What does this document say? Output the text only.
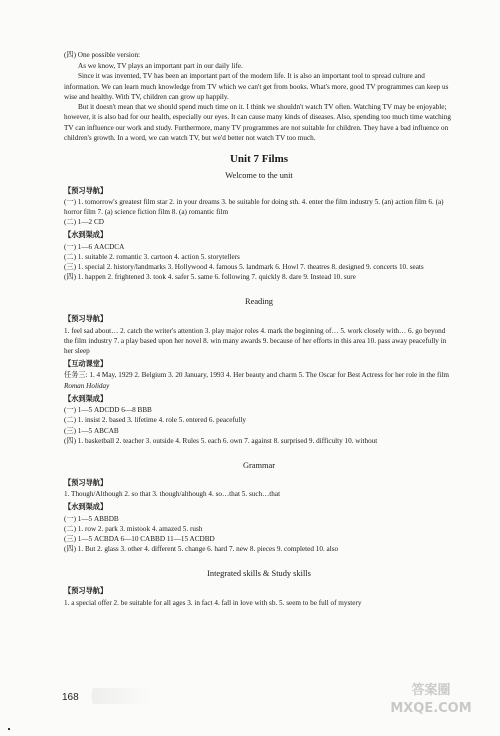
(四) One possible version:

As we know, TV plays an important part in our daily life.

Since it was invented, TV has been an important part of the modern life. It is also an important tool to spread culture and information. We can learn much knowledge from TV which we can't get from books. What's more, good TV programmes can keep us wise and healthy. With TV, children can grow up happily.

But it doesn't mean that we should spend much time on it. I think we shouldn't watch TV often. Watching TV may be enjoyable; however, it is also bad for our health, especially our eyes. It can cause many kinds of diseases. Also, spending too much time watching TV can influence our work and study. Furthermore, many TV programmes are not suitable for children. They have a bad influence on children's growth. In a word, we can watch TV, but we'd better not watch TV too much.

Unit 7 Films
Welcome to the unit
【预习导航】

(一) 1. tomorrow's greatest film star 2. in your dreams 3. be suitable for doing sth. 4. enter the film industry 5. (an) action film 6. (a) horror film 7. (a) science fiction film 8. (a) romantic film

(二) 1—2 CD

【水到渠成】

(一) 1—6 AACDCA

(二) 1. suitable 2. romantic 3. cartoon 4. action 5. storytellers

(三) 1. special 2. history/landmarks 3. Hollywood 4. famous 5. landmark 6. Howl 7. theatres 8. designed 9. concerts 10. seats

(四) 1. happen 2. frightened 3. took 4. safer 5. same 6. following 7. quickly 8. dare 9. Instead 10. sure

Reading
【预习导航】

1. feel sad about… 2. catch the writer's attention 3. play major roles 4. mark the beginning of… 5. work closely with… 6. go beyond the film industry 7. a play based upon her novel 8. win many awards 9. because of her efforts in this area 10. pass away peacefully in her sleep

【互动课堂】

任务三: 1. 4 May, 1929 2. Belgium 3. 20 January, 1993 4. Her beauty and charm 5. The Oscar for Best Actress for her role in the film Roman Holiday

【水到渠成】

(一) 1—5 ADCDD 6—8 BBB

(二) 1. insist 2. based 3. lifetime 4. role 5. entered 6. peacefully

(三) 1—5 ABCAB

(四) 1. basketball 2. teacher 3. outside 4. Rules 5. each 6. own 7. against 8. surprised 9. difficulty 10. without

Grammar
【预习导航】

1. Though/Although 2. so that 3. though/although 4. so…that 5. such…that

【水到渠成】

(一) 1—5 ABBDB

(二) 1. row 2. park 3. mistook 4. amazed 5. rush

(三) 1—5 ACBDA 6—10 CABBD 11—15 ACDBD

(四) 1. But 2. glass 3. other 4. different 5. change 6. hard 7. new 8. pieces 9. completed 10. also

Integrated skills & Study skills
【预习导航】

1. a special offer 2. be suitable for all ages 3. in fact 4. fall in love with sb. 5. seem to be full of mystery

168	答案圈 MXQE.COM
